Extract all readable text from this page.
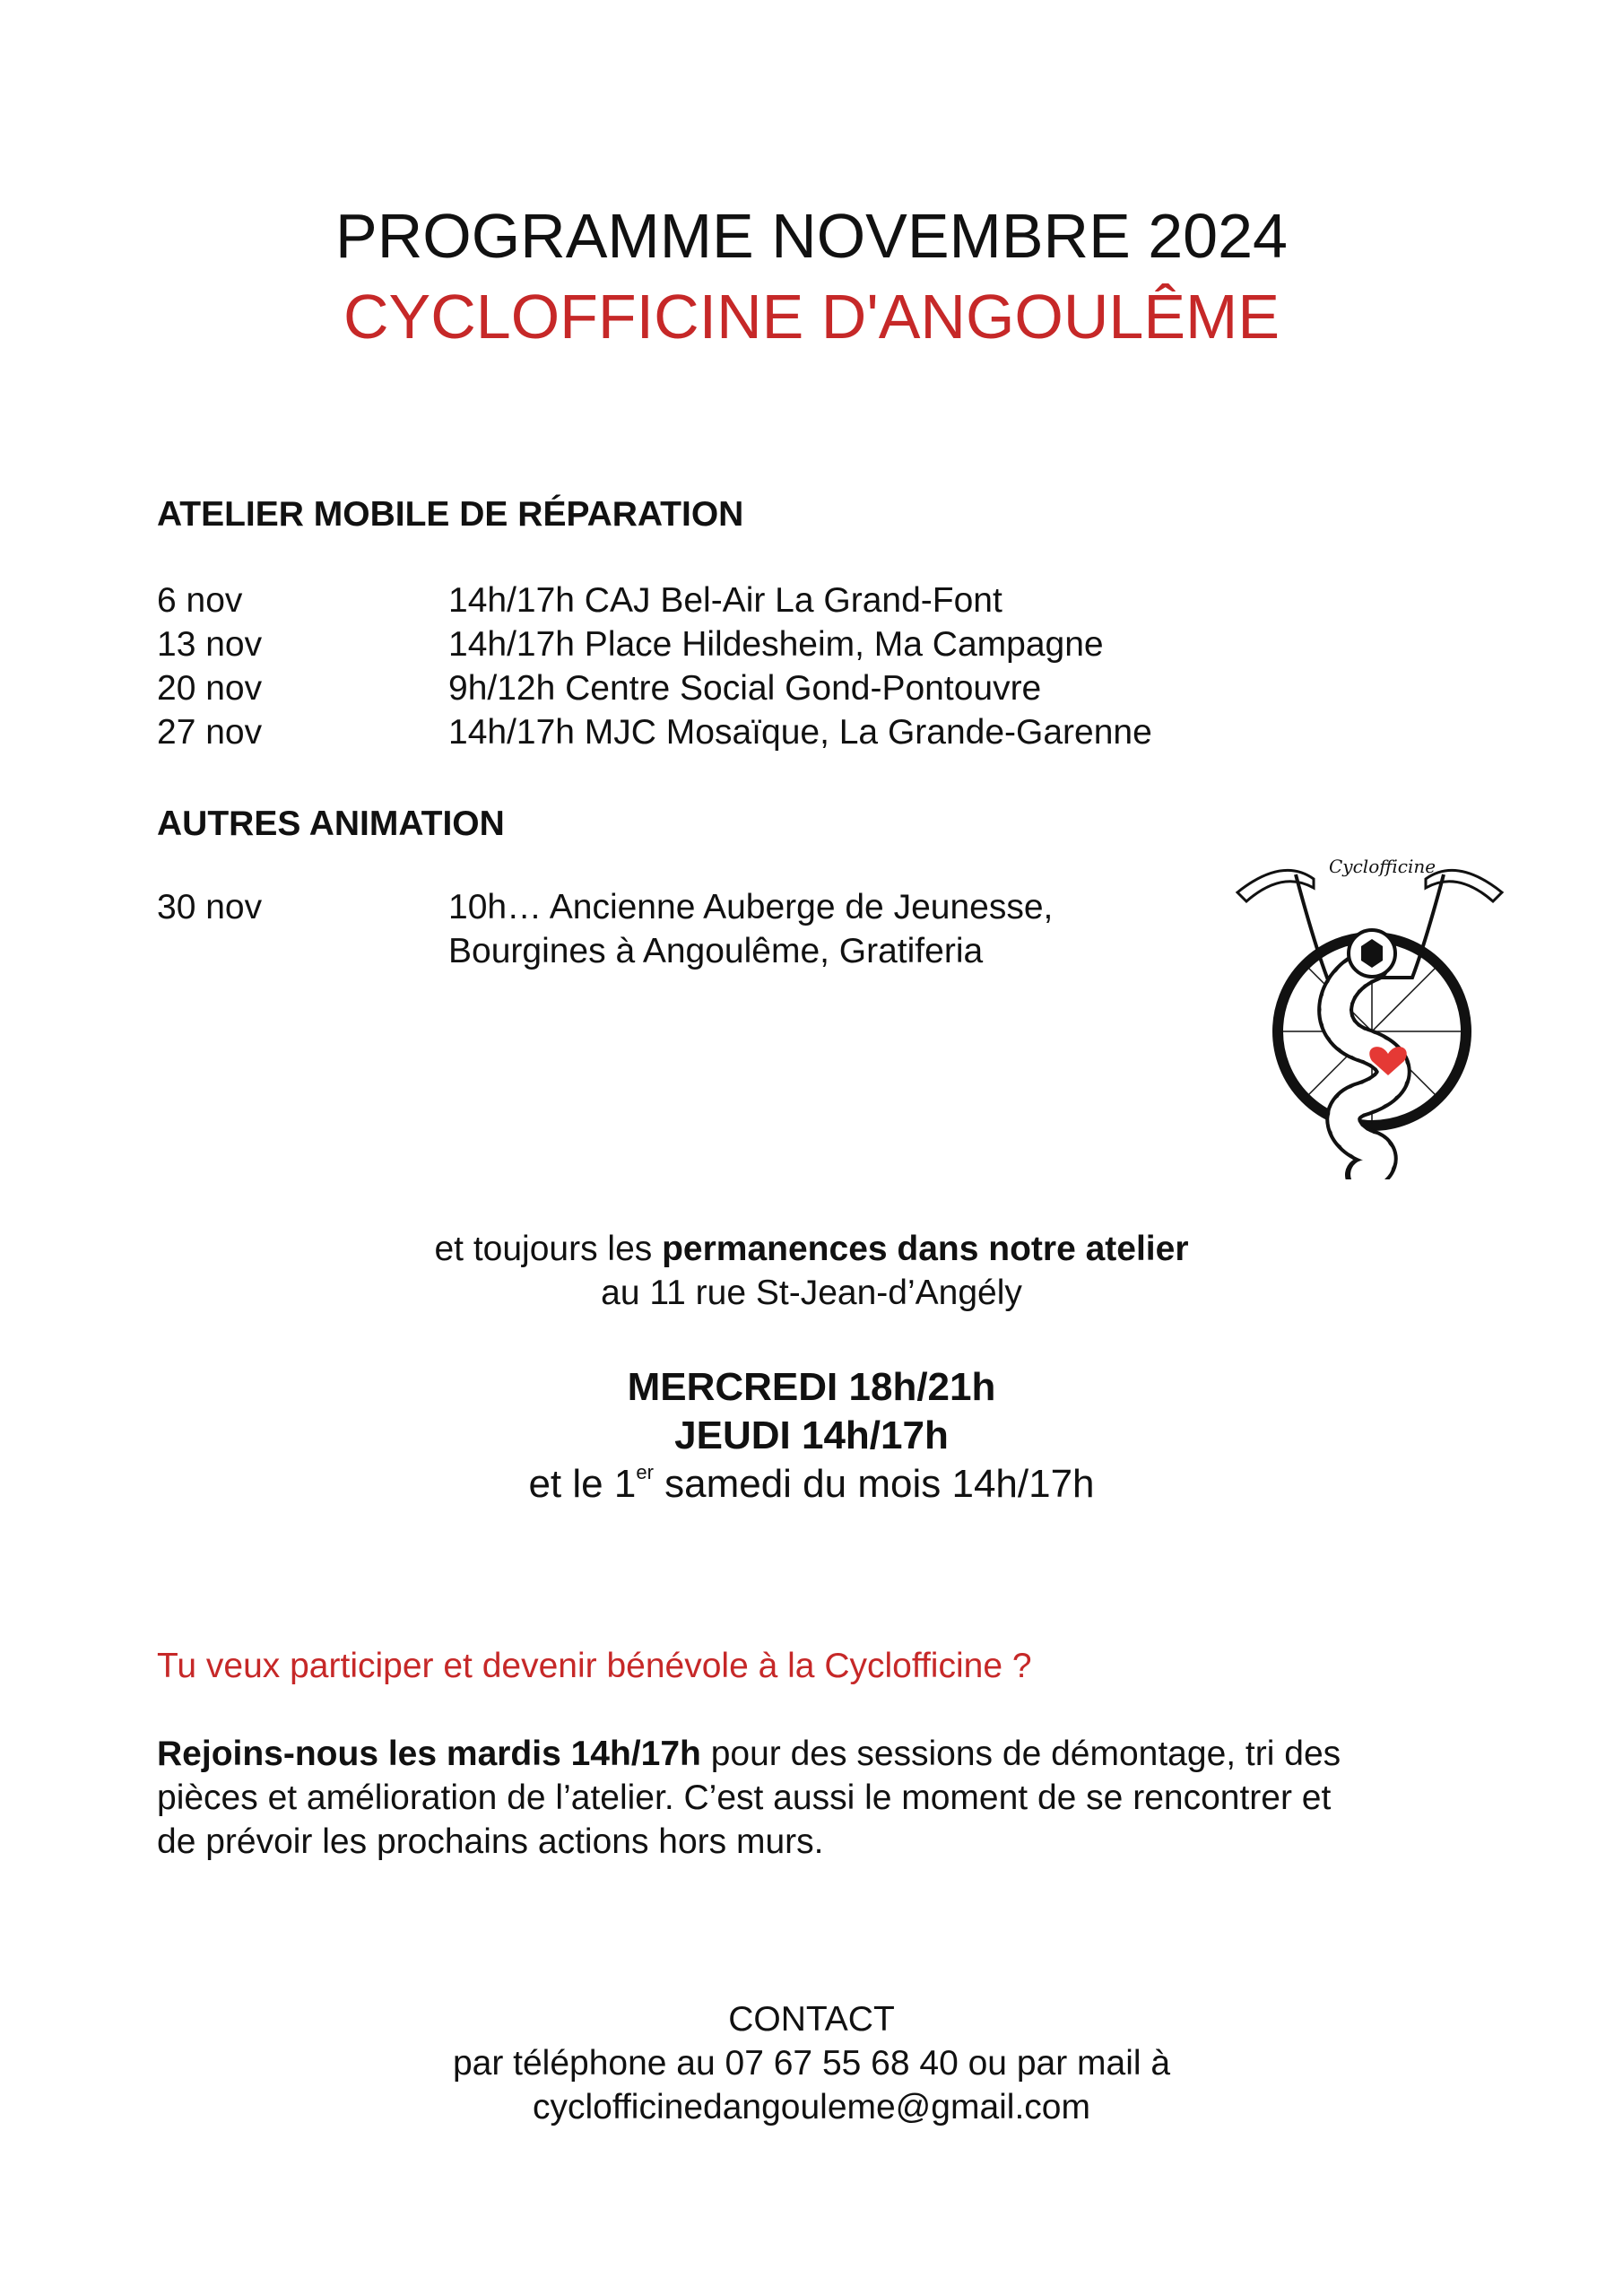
PROGRAMME NOVEMBRE 2024
CYCLOFFICINE D'ANGOULÊME
ATELIER MOBILE DE RÉPARATION
6 nov	14h/17h CAJ Bel-Air La Grand-Font
13 nov	14h/17h Place Hildesheim, Ma Campagne
20 nov	9h/12h Centre Social Gond-Pontouvre
27 nov	14h/17h MJC Mosaïque, La Grande-Garenne
AUTRES ANIMATION
30 nov	10h… Ancienne Auberge de Jeunesse,
Bourgines à Angoulême, Gratiferia
Cyclofficine
et toujours les permanences dans notre atelier
au 11 rue St-Jean-d’Angély
MERCREDI 18h/21h
JEUDI 14h/17h
et le 1er samedi du mois 14h/17h
Tu veux participer et devenir bénévole à la Cyclofficine ?
Rejoins-nous les mardis 14h/17h pour des sessions de démontage, tri des
pièces et amélioration de l’atelier. C’est aussi le moment de se rencontrer et
de prévoir les prochains actions hors murs.
CONTACT
par téléphone au 07 67 55 68 40 ou par mail à
cyclofficinedangouleme@gmail.com
